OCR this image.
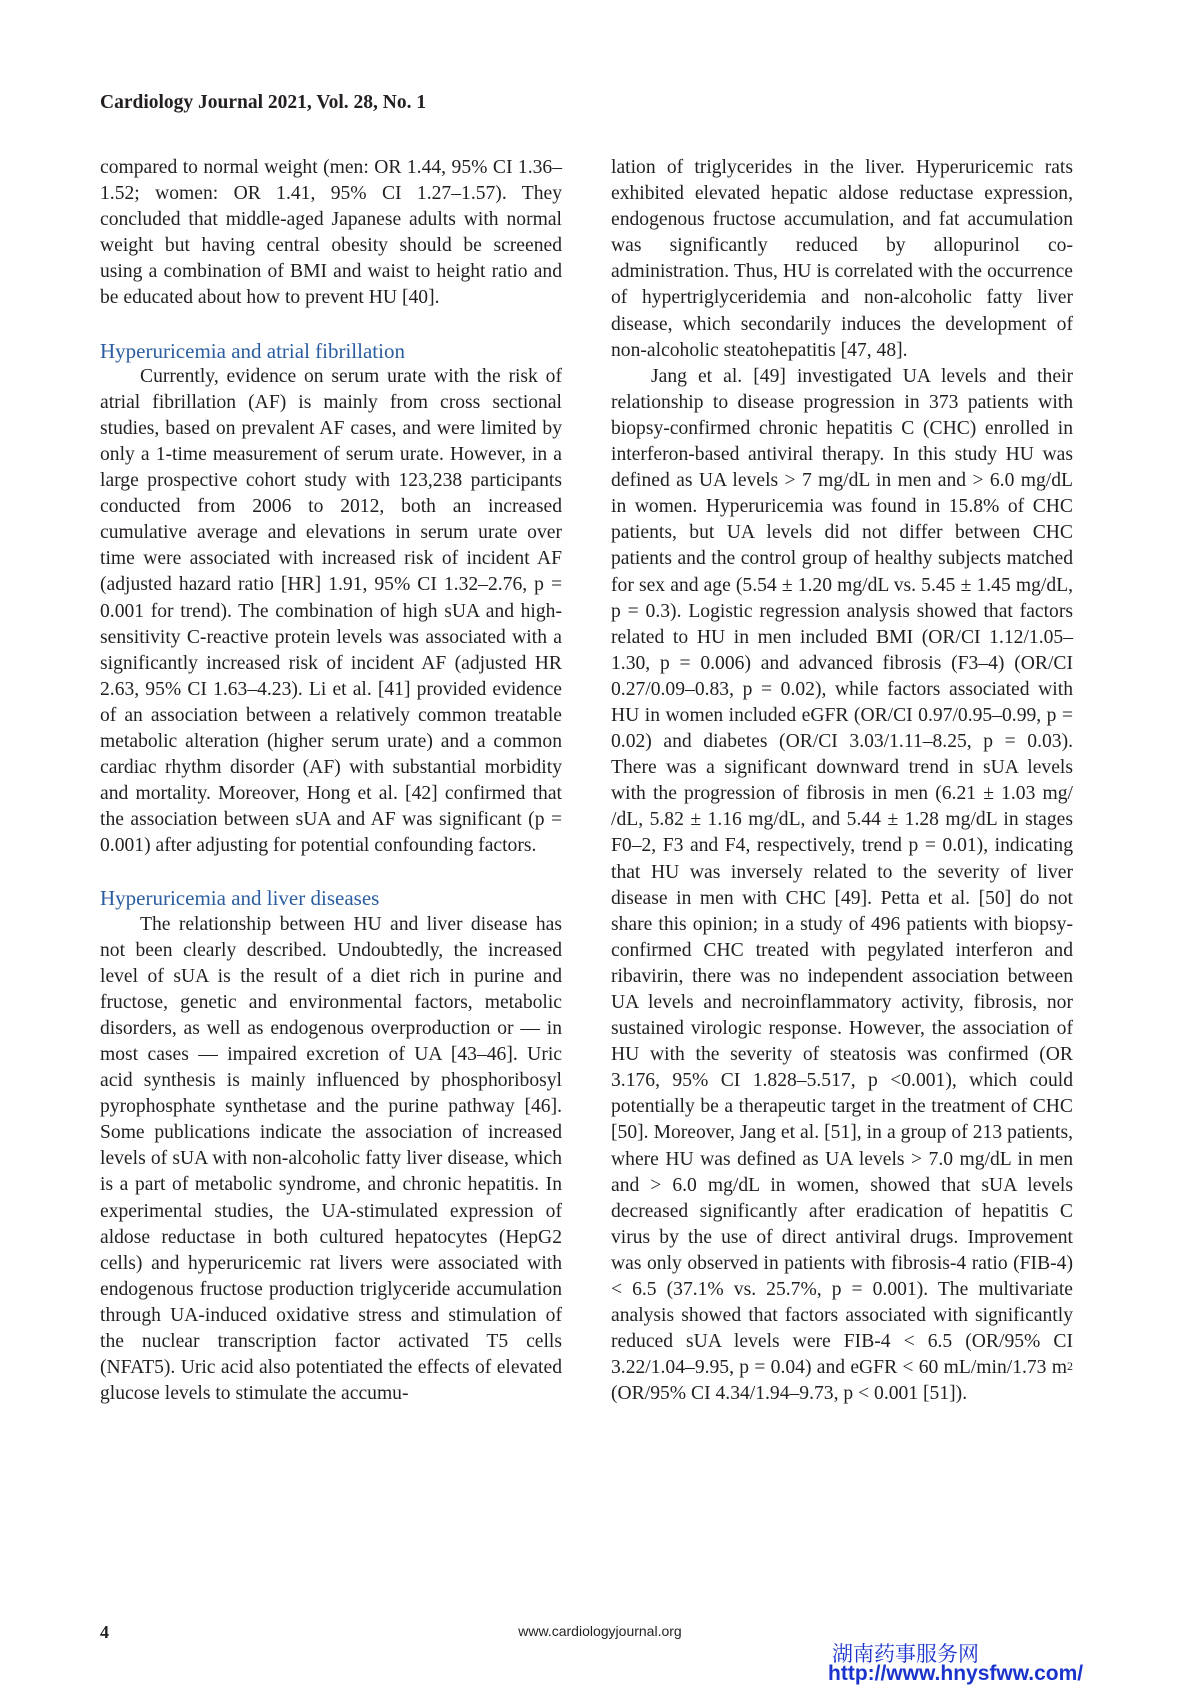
Cardiology Journal 2021, Vol. 28, No. 1

compared to normal weight (men: OR 1.44, 95% CI 1.36–1.52; women: OR 1.41, 95% CI 1.27–1.57). They concluded that middle-aged Japanese adults with normal weight but having central obesity should be screened using a combination of BMI and waist to height ratio and be educated about how to prevent HU [40].

Hyperuricemia and atrial fibrillation

Currently, evidence on serum urate with the risk of atrial fibrillation (AF) is mainly from cross sectional studies, based on prevalent AF cases, and were limited by only a 1-time measurement of serum urate. However, in a large prospective cohort study with 123,238 participants conducted from 2006 to 2012, both an increased cumulative average and elevations in serum urate over time were associated with increased risk of incident AF (adjusted hazard ratio [HR] 1.91, 95% CI 1.32–2.76, p = 0.001 for trend). The combination of high sUA and high-sensitivity C-reactive protein levels was associated with a significantly increased risk of incident AF (adjusted HR 2.63, 95% CI 1.63–4.23). Li et al. [41] provided evidence of an association between a relatively common treatable metabolic alteration (higher serum urate) and a common cardiac rhythm disorder (AF) with substantial morbidity and mortality. Moreover, Hong et al. [42] confirmed that the association between sUA and AF was significant (p = 0.001) after adjusting for potential confounding factors.

Hyperuricemia and liver diseases

The relationship between HU and liver disease has not been clearly described. Undoubtedly, the increased level of sUA is the result of a diet rich in purine and fructose, genetic and environmental factors, metabolic disorders, as well as endogenous overproduction or — in most cases — impaired excretion of UA [43–46]. Uric acid synthesis is mainly influenced by phosphoribosyl pyrophosphate synthetase and the purine pathway [46]. Some publications indicate the association of increased levels of sUA with non-alcoholic fatty liver disease, which is a part of metabolic syndrome, and chronic hepatitis. In experimental studies, the UA-stimulated expression of aldose reductase in both cultured hepatocytes (HepG2 cells) and hyperuricemic rat livers were associated with endogenous fructose production triglyceride accumulation through UA-induced oxidative stress and stimulation of the nuclear transcription factor activated T5 cells (NFAT5). Uric acid also potentiated the effects of elevated glucose levels to stimulate the accumu-

lation of triglycerides in the liver. Hyperuricemic rats exhibited elevated hepatic aldose reductase expression, endogenous fructose accumulation, and fat accumulation was significantly reduced by allopurinol co-administration. Thus, HU is correlated with the occurrence of hypertriglyceridemia and non-alcoholic fatty liver disease, which secondarily induces the development of non-alcoholic steatohepatitis [47, 48].

Jang et al. [49] investigated UA levels and their relationship to disease progression in 373 patients with biopsy-confirmed chronic hepatitis C (CHC) enrolled in interferon-based antiviral therapy. In this study HU was defined as UA levels > 7 mg/dL in men and > 6.0 mg/dL in women. Hyperuricemia was found in 15.8% of CHC patients, but UA levels did not differ between CHC patients and the control group of healthy subjects matched for sex and age (5.54 ± 1.20 mg/dL vs. 5.45 ± 1.45 mg/dL, p = 0.3). Logistic regression analysis showed that factors related to HU in men included BMI (OR/CI 1.12/1.05–1.30, p = 0.006) and advanced fibrosis (F3–4) (OR/CI 0.27/0.09–0.83, p = 0.02), while factors associated with HU in women included eGFR (OR/CI 0.97/0.95–0.99, p = 0.02) and diabetes (OR/CI 3.03/1.11–8.25, p = 0.03). There was a significant downward trend in sUA levels with the progression of fibrosis in men (6.21 ± 1.03 mg/ /dL, 5.82 ± 1.16 mg/dL, and 5.44 ± 1.28 mg/dL in stages F0–2, F3 and F4, respectively, trend p = 0.01), indicating that HU was inversely related to the severity of liver disease in men with CHC [49]. Petta et al. [50] do not share this opinion; in a study of 496 patients with biopsy-confirmed CHC treated with pegylated interferon and ribavirin, there was no independent association between UA levels and necroinflammatory activity, fibrosis, nor sustained virologic response. However, the association of HU with the severity of steatosis was confirmed (OR 3.176, 95% CI 1.828–5.517, p <0.001), which could potentially be a therapeutic target in the treatment of CHC [50]. Moreover, Jang et al. [51], in a group of 213 patients, where HU was defined as UA levels > 7.0 mg/dL in men and > 6.0 mg/dL in women, showed that sUA levels decreased significantly after eradication of hepatitis C virus by the use of direct antiviral drugs. Improvement was only observed in patients with fibrosis-4 ratio (FIB-4) < 6.5 (37.1% vs. 25.7%, p = 0.001). The multivariate analysis showed that factors associated with significantly reduced sUA levels were FIB-4 < 6.5 (OR/95% CI 3.22/1.04–9.95, p = 0.04) and eGFR < 60 mL/min/1.73 $m^2$ (OR/95% CI 4.34/1.94–9.73, p < 0.001 [51]).

4	www.cardiologyjournal.org
湖南药事服务网
http://www.hnysfww.com/
